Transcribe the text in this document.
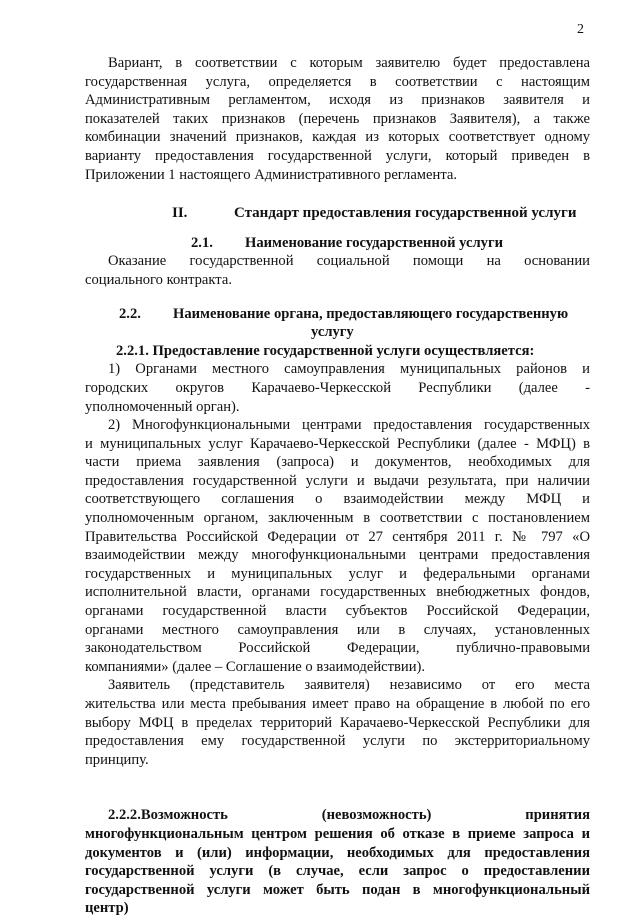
2

Вариант, в соответствии с которым заявителю будет предоставлена

государственная услуга, определяется в соответствии с настоящим

Административным регламентом, исходя из признаков заявителя и

показателей таких признаков (перечень признаков Заявителя), а также

комбинации значений признаков, каждая из которых соответствует одному

варианту предоставления государственной услуги, который приведен в

Приложении 1 настоящего Административного регламента.

II.	Стандарт предоставления государственной услуги

2.1. Наименование государственной услуги

Оказание государственной социальной помощи на основании

социального контракта.

2.2. Наименование органа, предоставляющего государственную

услугу

2.2.1. Предоставление государственной услуги осуществляется:

1) Органами местного самоуправления муниципальных районов и

городских округов Карачаево-Черкесской Республики (далее -

уполномоченный орган).

2) Многофункциональными центрами предоставления государственных

и муниципальных услуг Карачаево-Черкесской Республики (далее - МФЦ) в

части приема заявления (запроса) и документов, необходимых для

предоставления государственной услуги и выдачи результата, при наличии

соответствующего соглашения о взаимодействии между МФЦ и

уполномоченным органом, заключенным в соответствии с постановлением

Правительства Российской Федерации от 27 сентября 2011 г. № 797 «О

взаимодействии между многофункциональными центрами предоставления

государственных и муниципальных услуг и федеральными органами

исполнительной власти, органами государственных внебюджетных фондов,

органами государственной власти субъектов Российской Федерации,

органами местного самоуправления или в случаях, установленных

законодательством Российской Федерации, публично-правовыми

компаниями» (далее – Соглашение о взаимодействии).

Заявитель (представитель заявителя) независимо от его места

жительства или места пребывания имеет право на обращение в любой по его

выбору МФЦ в пределах территорий Карачаево-Черкесской Республики для

предоставления ему государственной услуги по экстерриториальному

принципу.

2.2.2.Возможность (невозможность) принятия

многофункциональным центром решения об отказе в приеме запроса и

документов и (или) информации, необходимых для предоставления

государственной услуги (в случае, если запрос о предоставлении

государственной услуги может быть подан в многофункциональный

центр)
